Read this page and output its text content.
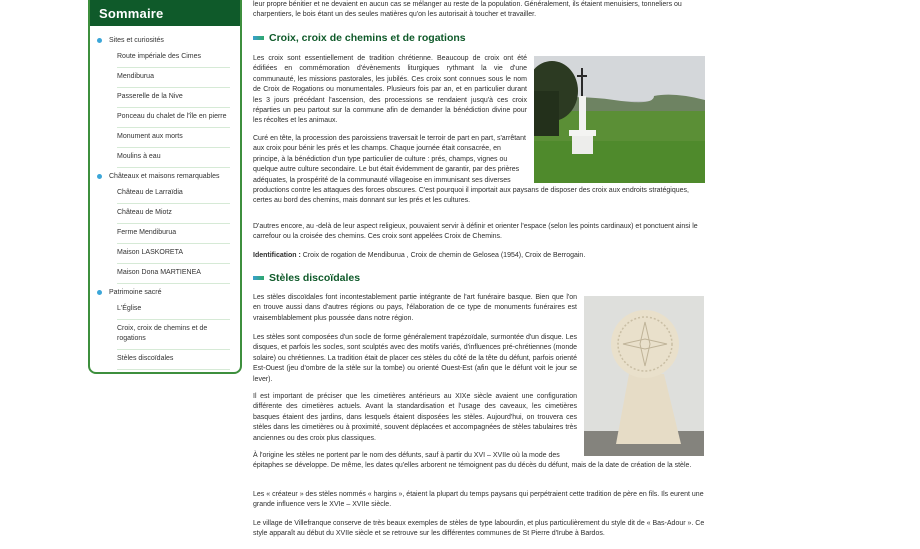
Sommaire
Sites et curiosités
Route impériale des Cimes
Mendiburua
Passerelle de la Nive
Ponceau du chalet de l'île en pierre
Monument aux morts
Moulins à eau
Châteaux et maisons remarquables
Château de Larraïdia
Château de Miotz
Ferme Mendiburua
Maison LASKORETA
Maison Dona MARTIENEA
Patrimoine sacré
L'Église
Croix, croix de chemins et de rogations
Stèles discoïdales
leur propre bénitier et ne devaient en aucun cas se mélanger au reste de la population. Généralement, ils étaient menuisiers, tonneliers ou charpentiers, le bois étant un des seules matières qu'on les autorisait à toucher et travailler.
Croix, croix de chemins et de rogations
Les croix sont essentiellement de tradition chrétienne. Beaucoup de croix ont été édifiées en commémoration d'évènements liturgiques rythmant la vie d'une communauté, les missions pastorales, les jubilés. Ces croix sont connues sous le nom de Croix de Rogations ou monumentales. Plusieurs fois par an, et en particulier durant les 3 jours précédant l'ascension, des processions se rendaient jusqu'à ces croix réparties un peu partout sur la commune afin de demander la bénédiction divine pour les récoltes et les animaux.
Curé en tête, la procession des paroissiens traversait le terroir de part en part, s'arrêtant aux croix pour bénir les prés et les champs. Chaque journée était consacrée, en principe, à la bénédiction d'un type particulier de culture : prés, champs, vignes ou quelque autre culture secondaire. Le but était évidemment de garantir, par des prières adéquates, la prospérité de la communauté villageoise en immunisant ses diverses productions contre les attaques des forces obscures. C'est pourquoi il importait aux paysans de disposer des croix aux endroits stratégiques, certes au bord des chemins, mais donnant sur les prés et les cultures.
D'autres encore, au -delà de leur aspect religieux, pouvaient servir à définir et orienter l'espace (selon les points cardinaux) et ponctuent ainsi le carrefour ou la croisée des chemins. Ces croix sont appelées Croix de Chemins.
Identification : Croix de rogation de Mendiburua , Croix de chemin de Gelosea (1954), Croix de Berrogain.
Stèles discoïdales
Les stèles discoïdales font incontestablement partie intégrante de l'art funéraire basque. Bien que l'on en trouve aussi dans d'autres régions ou pays, l'élaboration de ce type de monuments funéraires est vraisemblablement plus poussée dans notre région.
Les stèles sont composées d'un socle de forme généralement trapézoïdale, surmontée d'un disque. Les disques, et parfois les socles, sont sculptés avec des motifs variés, d'influences pré-chrétiennes (monde solaire) ou chrétiennes. La tradition était de placer ces stèles du côté de la tête du défunt, parfois orienté Est-Ouest (jeu d'ombre de la stèle sur la tombe) ou orienté Ouest-Est (afin que le défunt voit le jour se lever).
Il est important de préciser que les cimetières antérieurs au XIXe siècle avaient une configuration différente des cimetières actuels. Avant la standardisation et l'usage des caveaux, les cimetières basques étaient des jardins, dans lesquels étaient disposées les stèles. Aujourd'hui, on trouvera ces stèles dans les cimetières ou à proximité, souvent déplacées et accompagnées de stèles tabulaires très anciennes ou des croix plus classiques.
À l'origine les stèles ne portent par le nom des défunts, sauf à partir du XVI – XVIIe où la mode des épitaphes se développe. De même, les dates qu'elles arborent ne témoignent pas du décès du défunt, mais de la date de création de la stèle.
Les « créateur » des stèles nommés « hargins », étaient la plupart du temps paysans qui perpétraient cette tradition de père en fils. Ils eurent une grande influence vers le XVIe – XVIIe siècle.
Le village de Villefranque conserve de très beaux exemples de stèles de type labourdin, et plus particulièrement du style dit de « Bas-Adour ». Ce style apparaît au début du XVIIe siècle et se retrouve sur les différentes communes de St Pierre d'Irube à Bardos.
